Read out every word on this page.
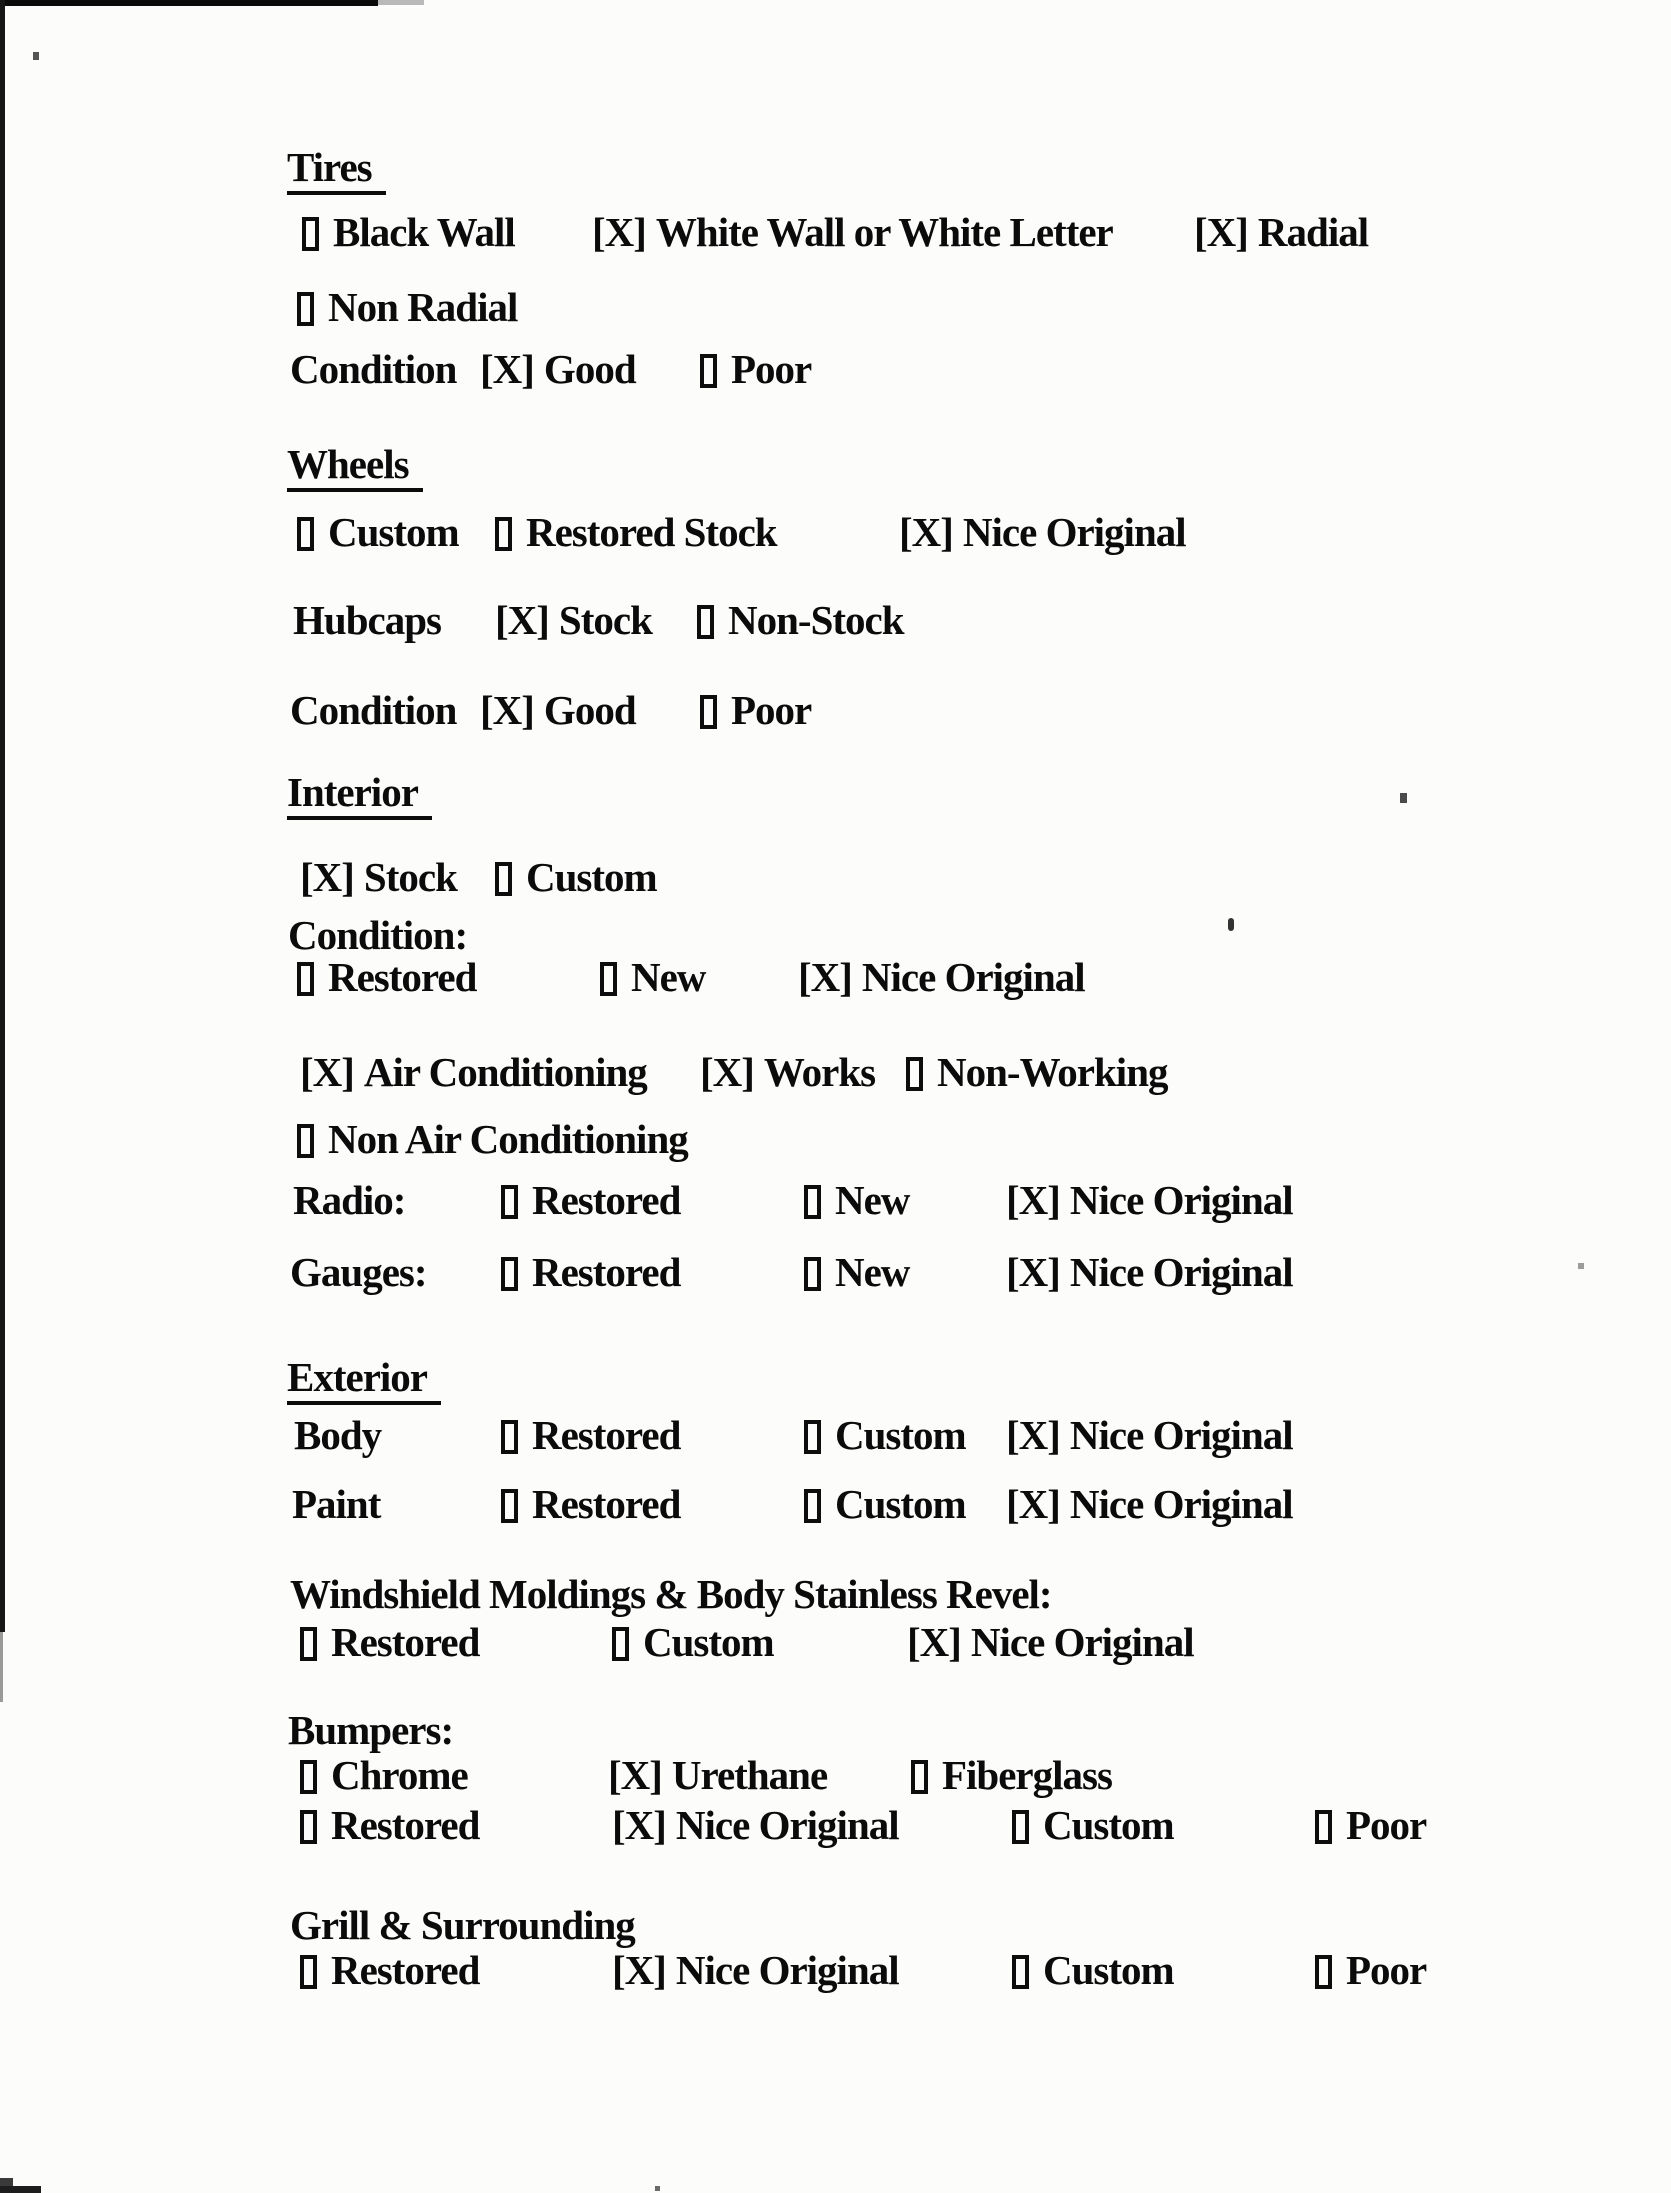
Tires
Black Wall [X] White Wall or White Letter [X] Radial
Non Radial
Condition [X] Good	Poor
Wheels
Custom	Restored Stock	[X] Nice Original
Hubcaps [X] Stock	Non-Stock
Condition [X] Good	Poor
Interior
[X] Stock	Custom
Condition:
Restored	New [X] Nice Original
[X] Air Conditioning [X] Works	Non-Working
Non Air Conditioning
Radio:	Restored	New [X] Nice Original
Gauges:	Restored	New [X] Nice Original
Exterior
Body	Restored	Custom [X] Nice Original
Paint	Restored	Custom [X] Nice Original
Windshield Moldings & Body Stainless Revel:
Restored	Custom	[X] Nice Original
Bumpers:
Chrome	[X] Urethane	Fiberglass
Restored	[X] Nice Original	Custom	Poor
Grill & Surrounding
Restored	[X] Nice Original	Custom	Poor
